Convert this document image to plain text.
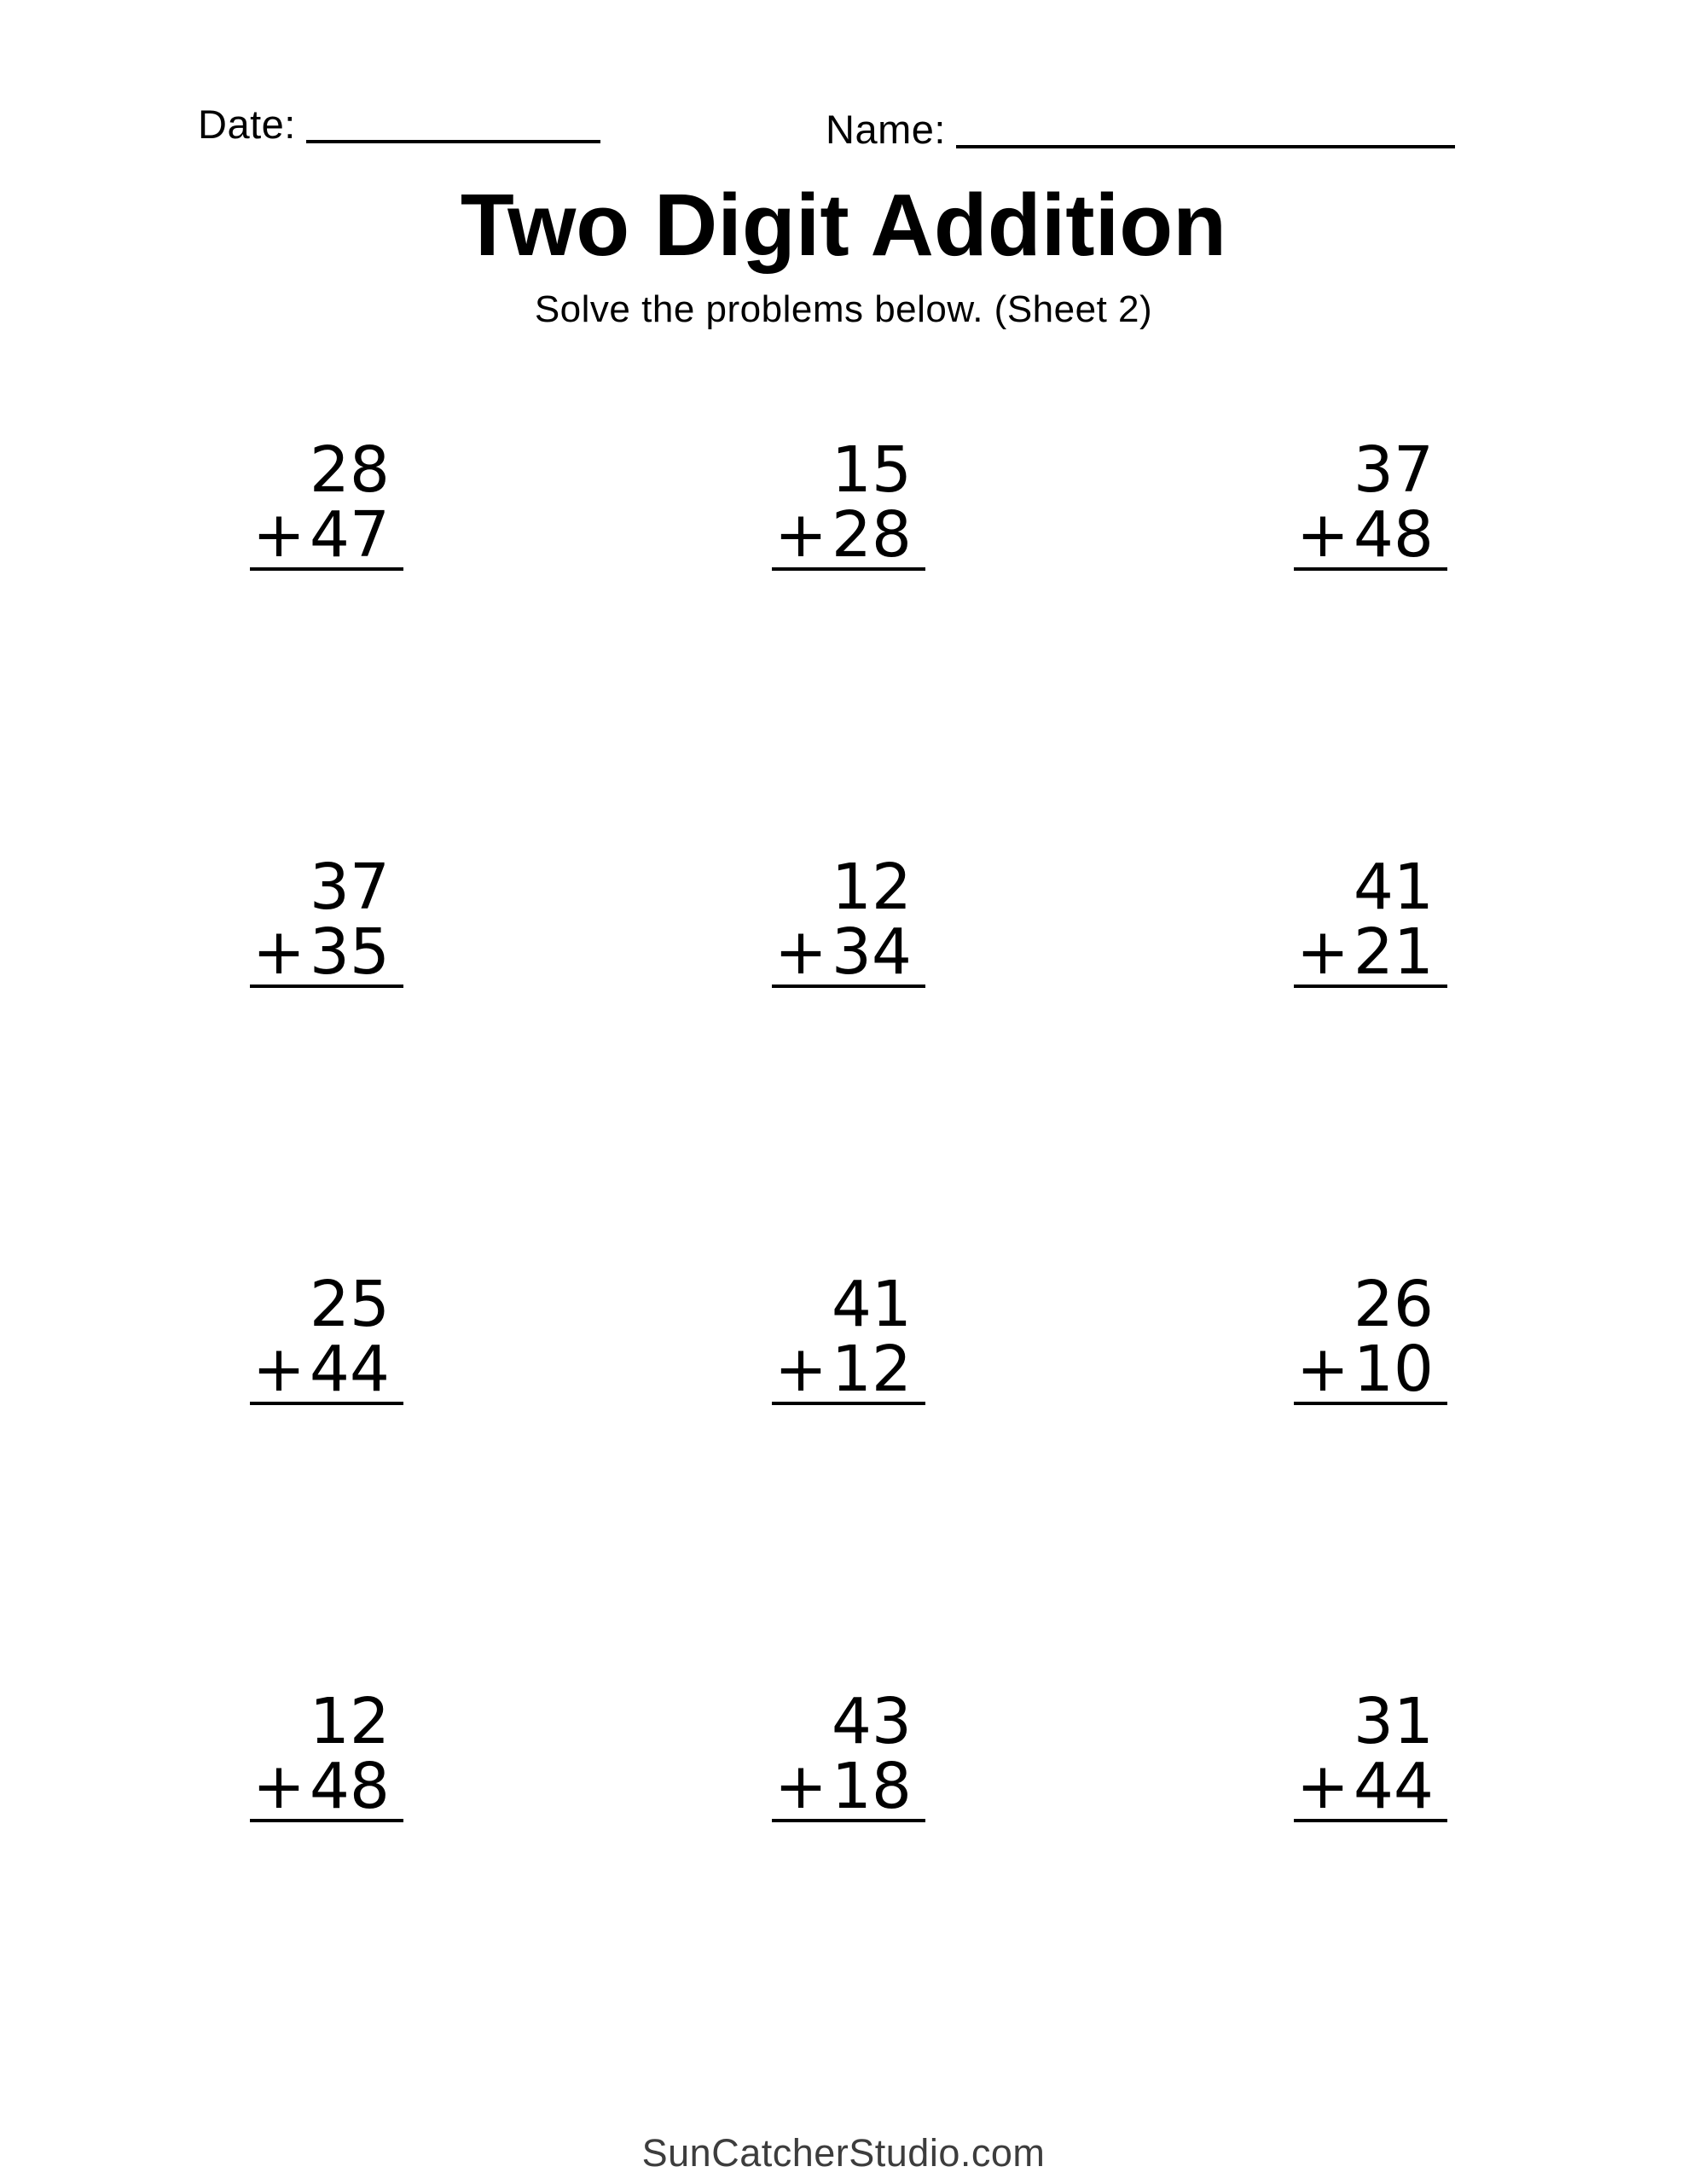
Date:	Name:
Two Digit Addition
Solve the problems below. (Sheet 2)
28
+ 47
15
+ 28
37
+ 48
37
+ 35
12
+ 34
41
+ 21
25
+ 44
41
+ 12
26
+ 10
12
+ 48
43
+ 18
31
+ 44
SunCatcherStudio.com
